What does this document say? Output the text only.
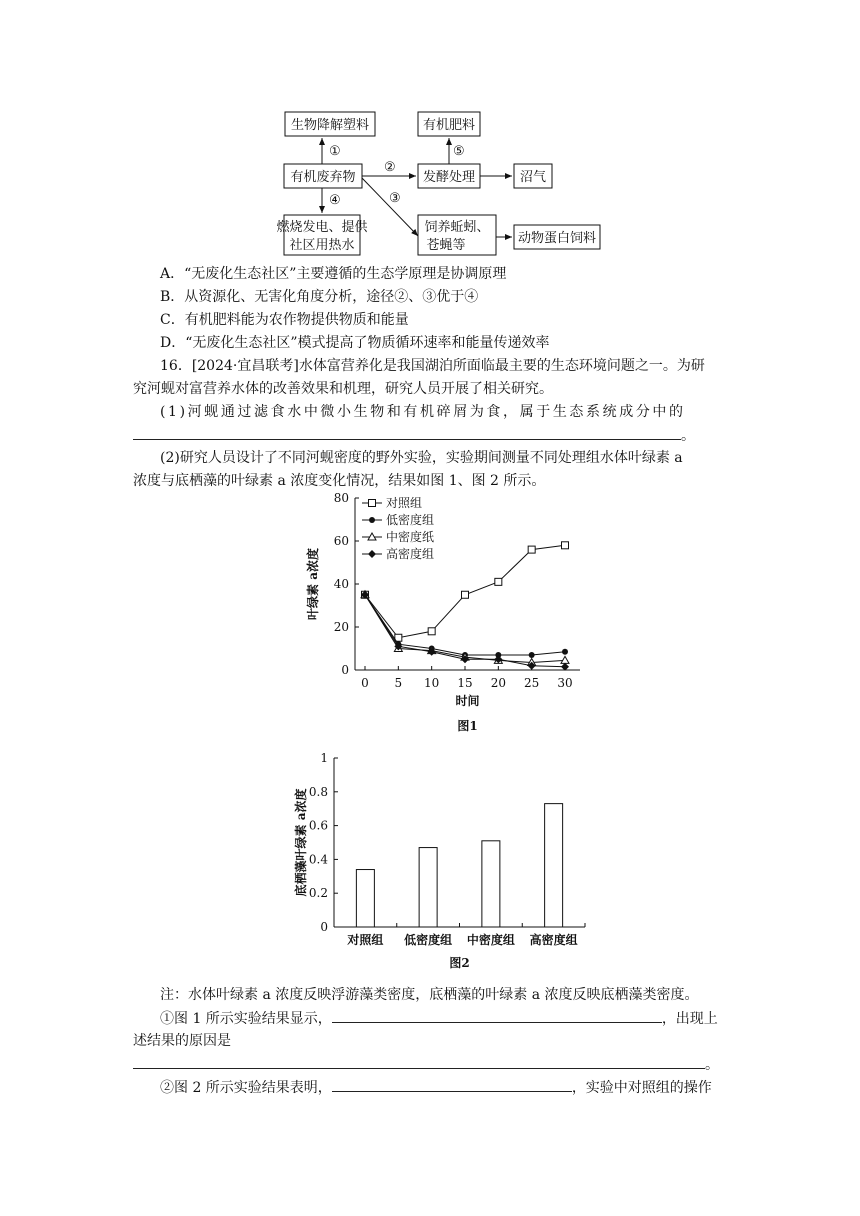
生物降解塑料	有机肥料
有机废弃物	发酵处理	沼气
燃烧发电、提供
社区用热水
饲养蚯蚓、
苍蝇等	动物蛋白饲料
①
②
③
④
⑤
A．“无废化生态社区”主要遵循的生态学原理是协调原理
B．从资源化、无害化角度分析，途径②、③优于④
C．有机肥料能为农作物提供物质和能量
D．“无废化生态社区”模式提高了物质循环速率和能量传递效率
16．[2024·宜昌联考]水体富营养化是我国湖泊所面临最主要的生态环境问题之一。为研
究河蚬对富营养水体的改善效果和机理，研究人员开展了相关研究。
(1)河蚬通过滤食水中微小生物和有机碎屑为食，属于生态系统成分中的
。
(2)研究人员设计了不同河蚬密度的野外实验，实验期间测量不同处理组水体叶绿素 a
浓度与底栖藻的叶绿素 a 浓度变化情况，结果如图 1、图 2 所示。
0
20
40
60
80
0 5 10 15 20 25 30
时间
叶绿素 a浓度
图1
对照组
低密度组
中密度纸
高密度组
0
0.2
0.4
0.6
0.8
1
对照组 低密度组 中密度组 高密度组
底栖藻叶绿素 a浓度
图2
注：水体叶绿素 a 浓度反映浮游藻类密度，底栖藻的叶绿素 a 浓度反映底栖藻类密度。
①图 1 所示实验结果显示，	，出现上
述结果的原因是
。
②图 2 所示实验结果表明，	，实验中对照组的操作
